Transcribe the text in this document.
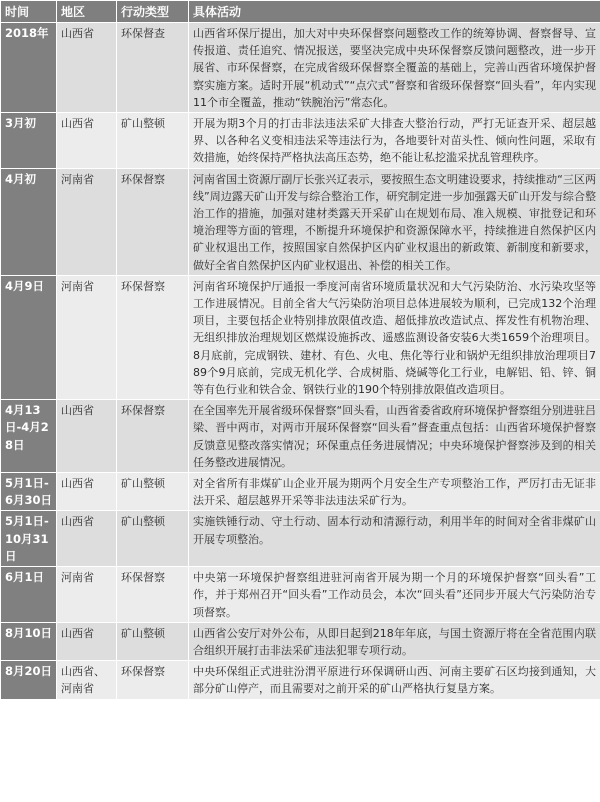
时间	地区	行动类型	具体活动
2018年	山西省	环保督查	山西省环保厅提出，加大对中央环保督察问题整改工作的统筹协调、督察督导、宣传报道、责任追究、情况报送，要坚决完成中央环保督察反馈问题整改，进一步开展省、市环保督察，在完成省级环保督察全覆盖的基础上，完善山西省环境保护督察实施方案。适时开展“机动式”“点穴式”督察和省级环保督察“回头看”，年内实现11个市全覆盖，推动“铁腕治污”常态化。
3月初	山西省	矿山整顿	开展为期3个月的打击非法违法采矿大排查大整治行动，严打无证查开采、超层越界、以各种名义变相违法采等违法行为，各地要针对苗头性、倾向性问题，采取有效措施，始终保持严格执法高压态势，绝不能让私挖滥采扰乱管理秩序。
4月初	河南省	环保督察	河南省国土资源厅副厅长张兴辽表示，要按照生态文明建设要求，持续推动“三区两线”周边露天矿山开发与综合整治工作，研究制定进一步加强露天矿山开发与综合整治工作的措施，加强对建材类露天开采矿山在规划布局、准入规模、审批登记和环境治理等方面的管理，不断提升环境保护和资源保障水平，持续推进自然保护区内矿业权退出工作，按照国家自然保护区内矿业权退出的新政策、新制度和新要求，做好全省自然保护区内矿业权退出、补偿的相关工作。
4月9日	河南省	环保督察	河南省环境保护厅通报一季度河南省环境质量状况和大气污染防治、水污染攻坚等工作进展情况。目前全省大气污染防治项目总体进展较为顺利，已完成132个治理项目，主要包括企业特别排放限值改造、超低排放改造试点、挥发性有机物治理、无组织排放治理规划区燃煤设施拆改、遥感监测设备安装6大类1659个治理项目。8月底前，完成钢铁、建材、有色、火电、焦化等行业和锅炉无组织排放治理项目789个9月底前，完成无机化学、合成树脂、烧碱等化工行业，电解铝、铅、锌、铜等有色行业和铁合金、钢铁行业的190个特别排放限值改造项目。
4月13日-4月28日	山西省	环保督察	在全国率先开展省级环保督察“回头看，山西省委省政府环境保护督察组分别进驻吕梁、晋中两市，对两市开展环保督察“回头看”督查重点包括：山西省环境保护督察反馈意见整改落实情况；环保重点任务进展情况；中央环境保护督察涉及到的相关任务整改进展情况。
5月1日-6月30日	山西省	矿山整顿	对全省所有非煤矿山企业开展为期两个月安全生产专项整治工作，严厉打击无证非法开采、超层越界开采等非法违法采矿行为。
5月1日-10月31日	山西省	矿山整顿	实施铁锤行动、守土行动、固本行动和清源行动，利用半年的时间对全省非煤矿山开展专项整治。
6月1日	河南省	环保督察	中央第一环境保护督察组进驻河南省开展为期一个月的环境保护督察“回头看”工作，并于郑州召开“回头看”工作动员会，本次“回头看”还同步开展大气污染防治专项督察。
8月10日	山西省	矿山整顿	山西省公安厅对外公布，从即日起到218年年底，与国土资源厅将在全省范围内联合组织开展打击非法采矿违法犯罪专项行动。
8月20日	山西省、河南省	环保督察	中央环保组正式进驻汾渭平原进行环保调研山西、河南主要矿石区均接到通知，大部分矿山停产，而且需要对之前开采的矿山严格执行复垦方案。
